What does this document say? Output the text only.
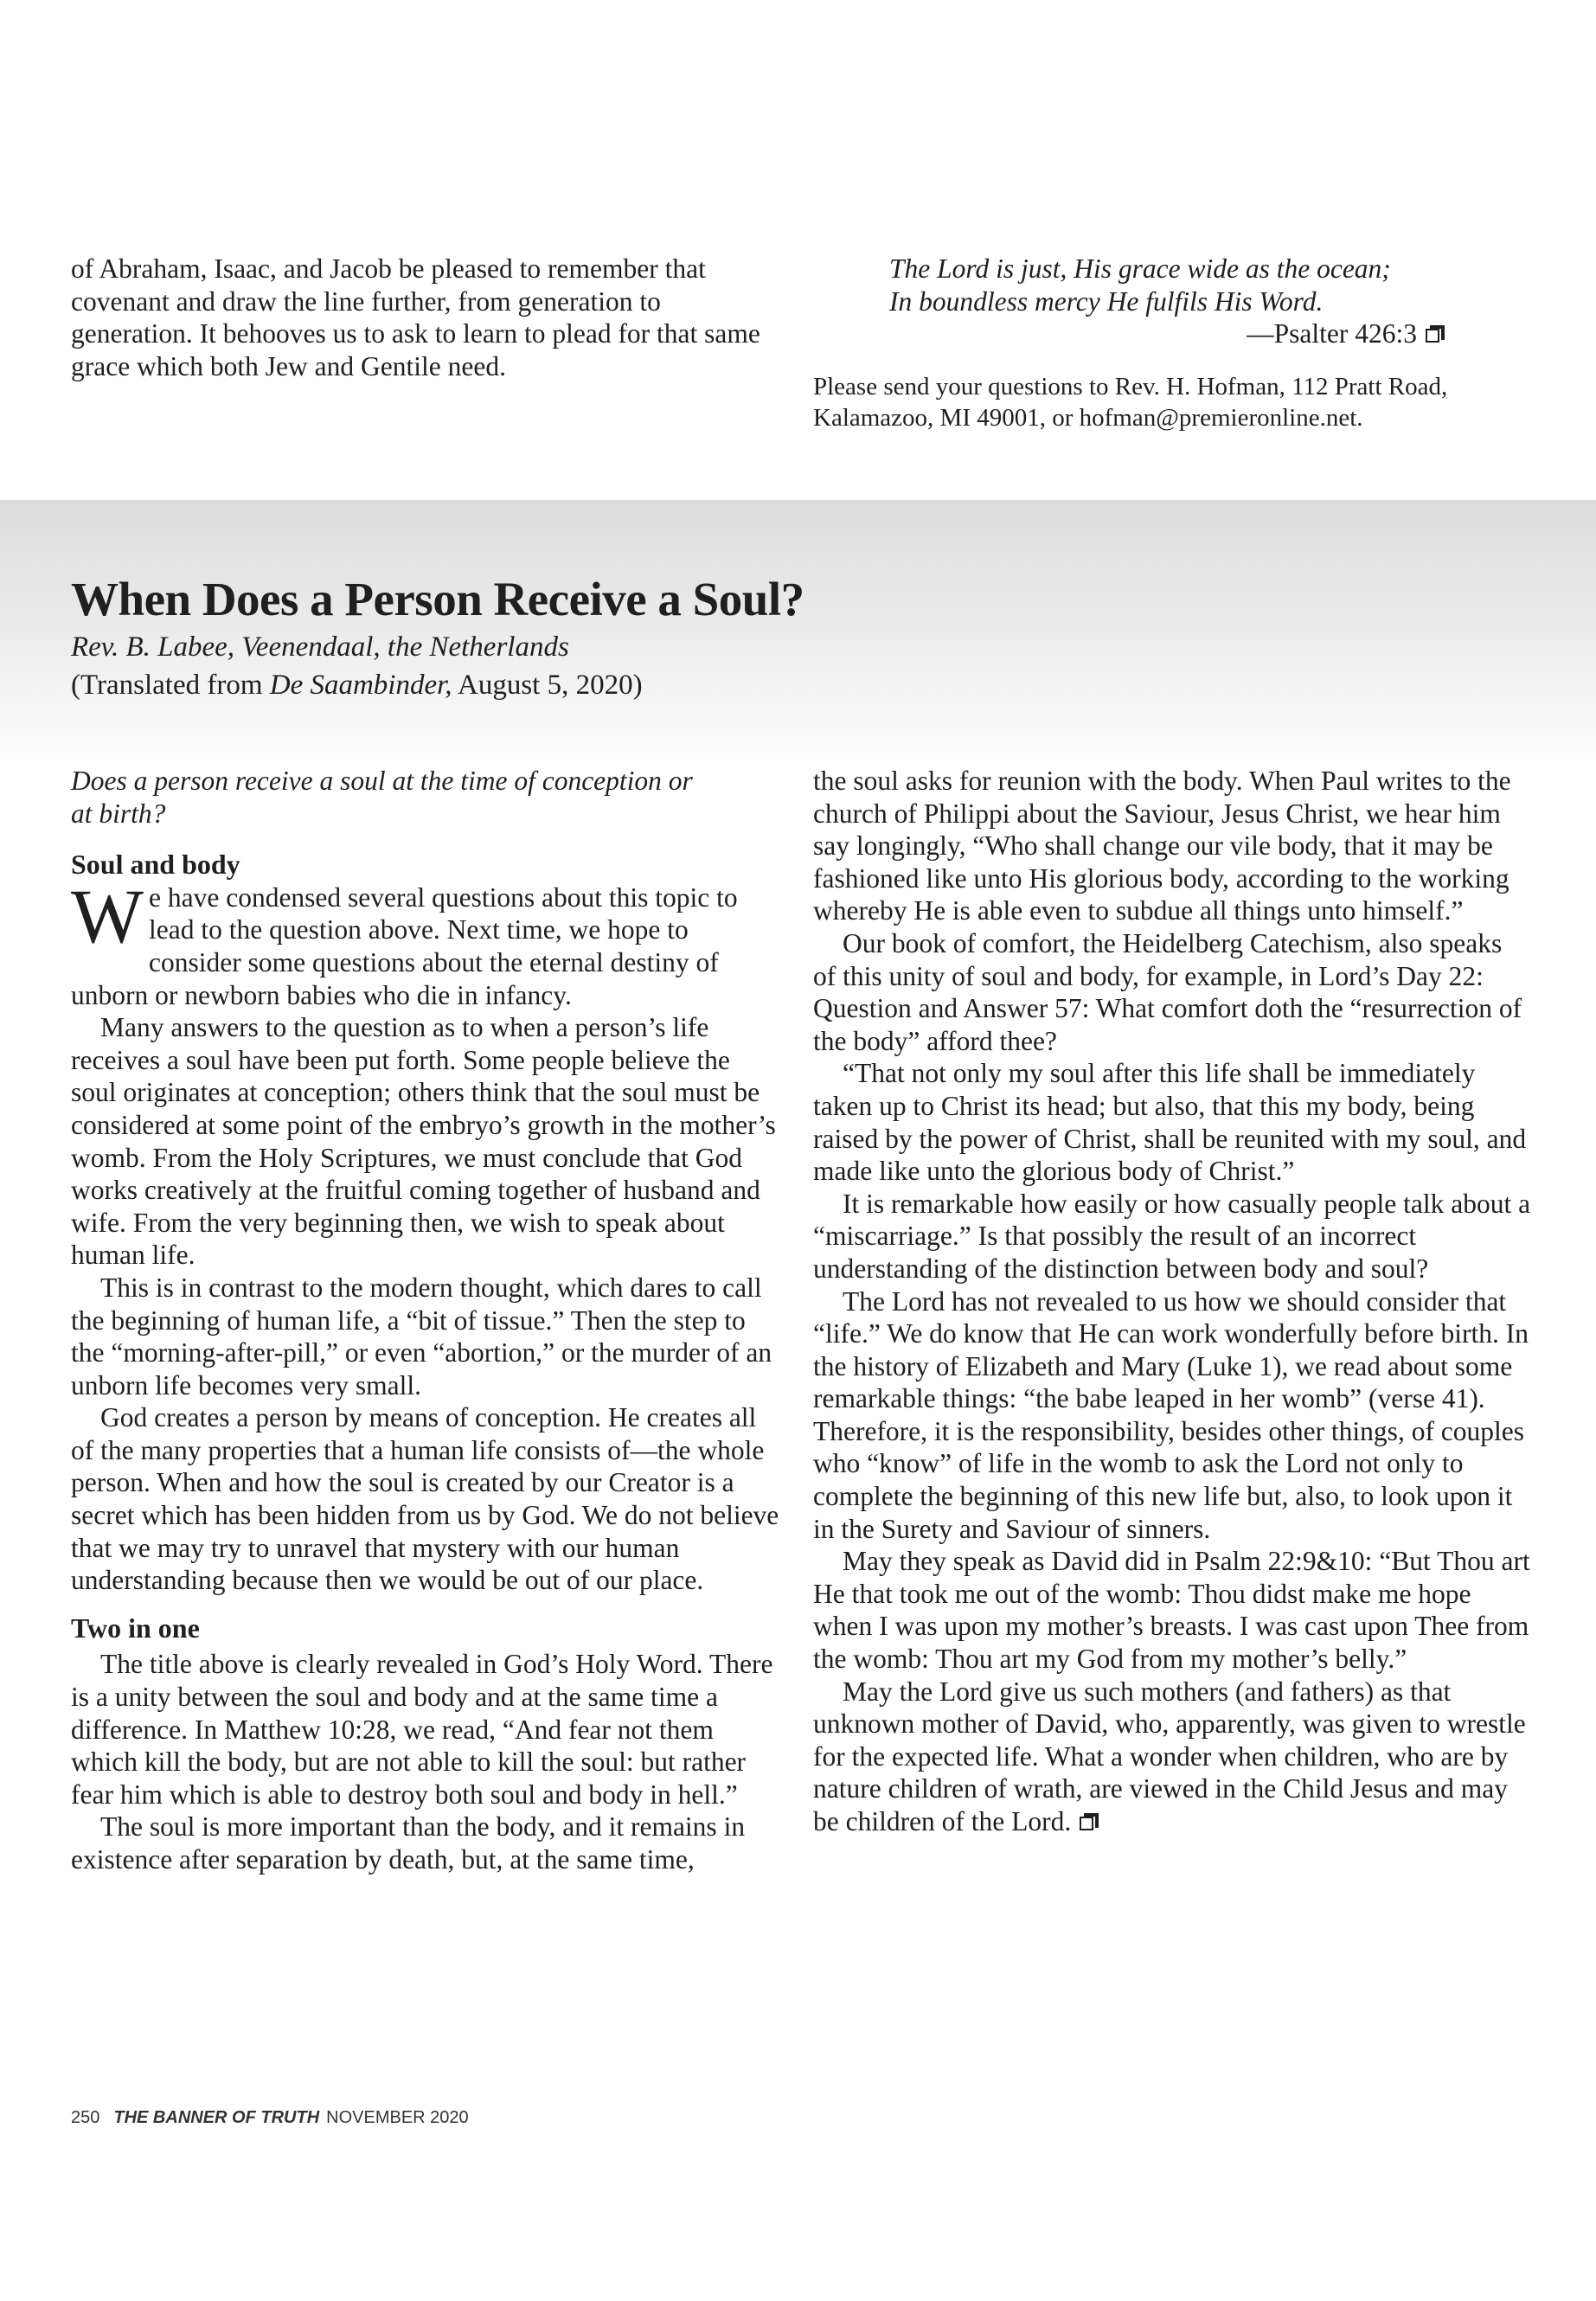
of Abraham, Isaac, and Jacob be pleased to remember that covenant and draw the line further, from generation to generation. It behooves us to ask to learn to plead for that same grace which both Jew and Gentile need.

The Lord is just, His grace wide as the ocean;
In boundless mercy He fulfils His Word.
—Psalter 426:3
Please send your questions to Rev. H. Hofman, 112 Pratt Road, Kalamazoo, MI 49001, or hofman@premieronline.net.
When Does a Person Receive a Soul?
Rev. B. Labee, Veenendaal, the Netherlands
(Translated from De Saambinder, August 5, 2020)

Does a person receive a soul at the time of conception or at birth?

Soul and body

We have condensed several questions about this topic to lead to the question above. Next time, we hope to consider some questions about the eternal destiny of unborn or newborn babies who die in infancy.

Many answers to the question as to when a person’s life receives a soul have been put forth. Some people believe the soul originates at conception; others think that the soul must be considered at some point of the embryo’s growth in the mother’s womb. From the Holy Scriptures, we must conclude that God works creatively at the fruitful coming together of husband and wife. From the very beginning then, we wish to speak about human life.

This is in contrast to the modern thought, which dares to call the beginning of human life, a “bit of tissue.” Then the step to the “morning-after-pill,” or even “abortion,” or the murder of an unborn life becomes very small.

God creates a person by means of conception. He creates all of the many properties that a human life consists of—the whole person. When and how the soul is created by our Creator is a secret which has been hidden from us by God. We do not believe that we may try to unravel that mystery with our human understanding because then we would be out of our place.

Two in one

The title above is clearly revealed in God’s Holy Word. There is a unity between the soul and body and at the same time a difference. In Matthew 10:28, we read, “And fear not them which kill the body, but are not able to kill the soul: but rather fear him which is able to destroy both soul and body in hell.”

The soul is more important than the body, and it remains in existence after separation by death, but, at the same time,

the soul asks for reunion with the body. When Paul writes to the church of Philippi about the Saviour, Jesus Christ, we hear him say longingly, “Who shall change our vile body, that it may be fashioned like unto His glorious body, according to the working whereby He is able even to subdue all things unto himself.”

Our book of comfort, the Heidelberg Catechism, also speaks of this unity of soul and body, for example, in Lord’s Day 22: Question and Answer 57: What comfort doth the “resurrection of the body” afford thee?

“That not only my soul after this life shall be immediately taken up to Christ its head; but also, that this my body, being raised by the power of Christ, shall be reunited with my soul, and made like unto the glorious body of Christ.”

It is remarkable how easily or how casually people talk about a “miscarriage.” Is that possibly the result of an incorrect understanding of the distinction between body and soul?

The Lord has not revealed to us how we should consider that “life.” We do know that He can work wonderfully before birth. In the history of Elizabeth and Mary (Luke 1), we read about some remarkable things: “the babe leaped in her womb” (verse 41). Therefore, it is the responsibility, besides other things, of couples who “know” of life in the womb to ask the Lord not only to complete the beginning of this new life but, also, to look upon it in the Surety and Saviour of sinners.

May they speak as David did in Psalm 22:9&10: “But Thou art He that took me out of the womb: Thou didst make me hope when I was upon my mother’s breasts. I was cast upon Thee from the womb: Thou art my God from my mother’s belly.”

May the Lord give us such mothers (and fathers) as that unknown mother of David, who, apparently, was given to wrestle for the expected life. What a wonder when children, who are by nature children of wrath, are viewed in the Child Jesus and may be children of the Lord.

250 THE BANNER OF TRUTH NOVEMBER 2020
